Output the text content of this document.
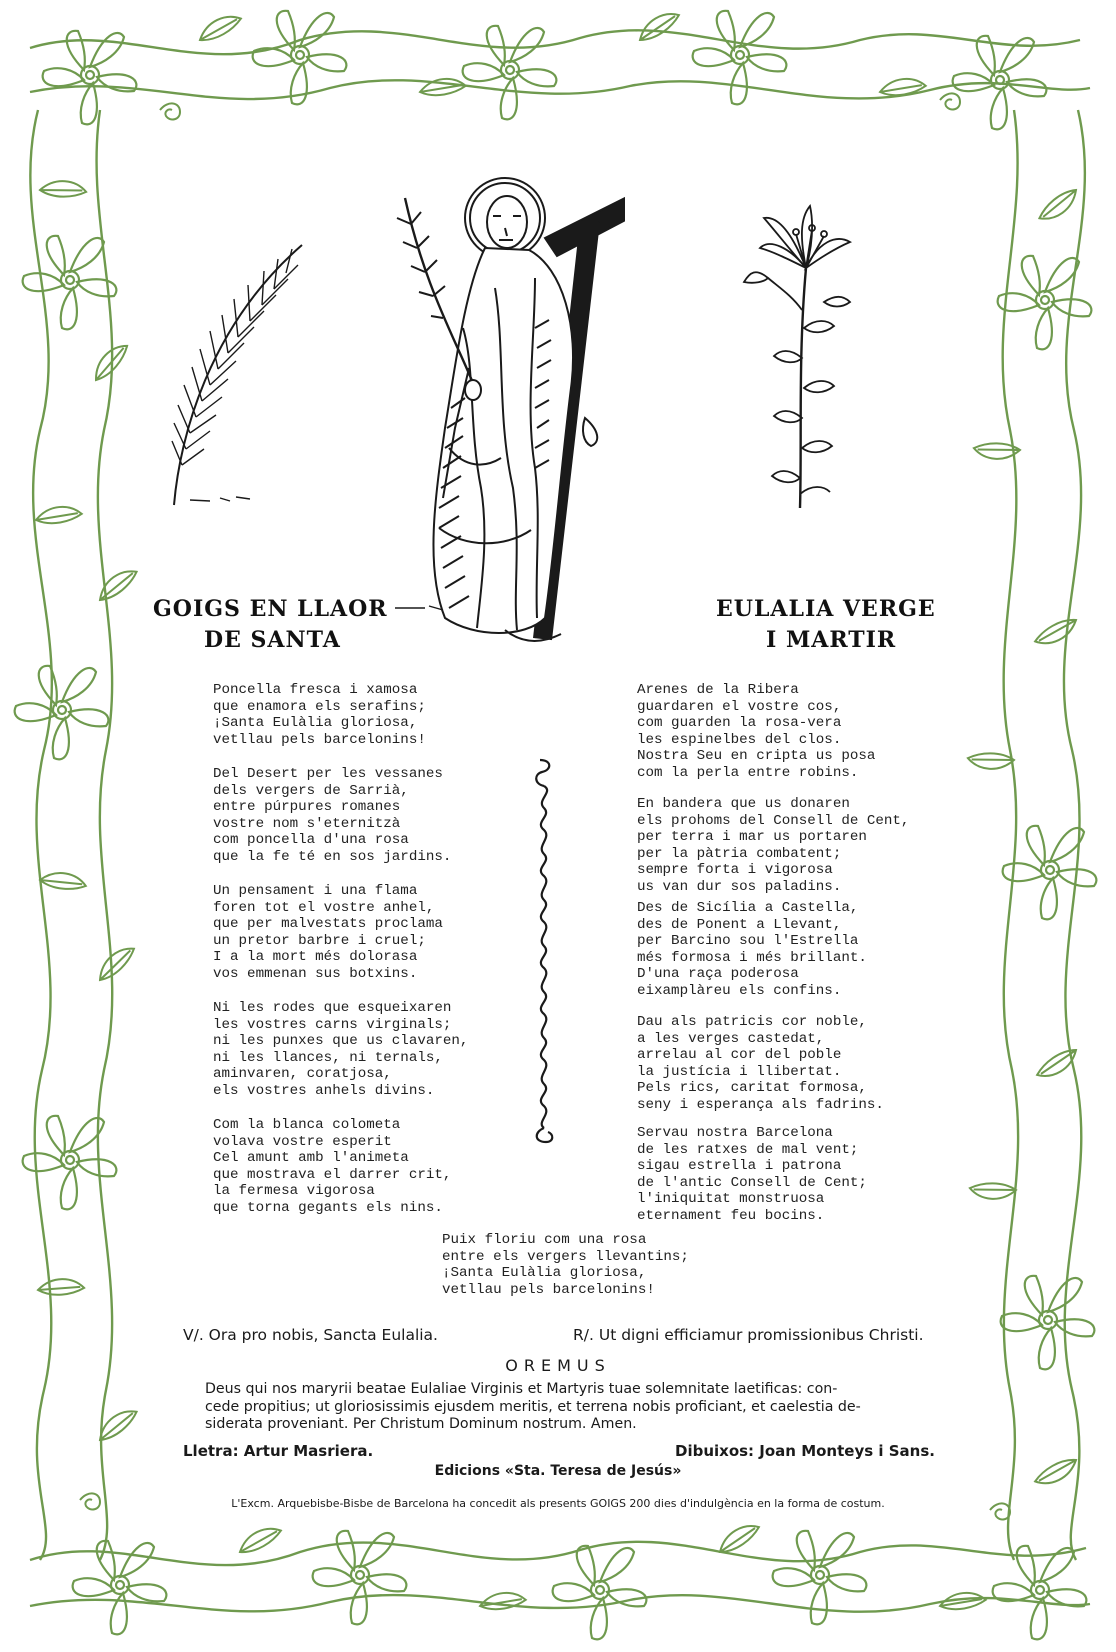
GOIGS EN LLAOR
DE SANTA
EULALIA VERGE
I MARTIR
Poncella fresca i xamosa
que enamora els serafins;
¡Santa Eulàlia gloriosa,
vetllau pels barcelonins!
Del Desert per les vessanes
dels vergers de Sarrià,
entre púrpures romanes
vostre nom s'eternitzà
com poncella d'una rosa
que la fe té en sos jardins.
Un pensament i una flama
foren tot el vostre anhel,
que per malvestats proclama
un pretor barbre i cruel;
I a la mort més dolorasa
vos emmenan sus botxins.
Ni les rodes que esqueixaren
les vostres carns virginals;
ni les punxes que us clavaren,
ni les llances, ni ternals,
aminvaren, coratjosa,
els vostres anhels divins.
Com la blanca colometa
volava vostre esperit
Cel amunt amb l'animeta
que mostrava el darrer crit,
la fermesa vigorosa
que torna gegants els nins.
Arenes de la Ribera
guardaren el vostre cos,
com guarden la rosa-vera
les espinelbes del clos.
Nostra Seu en cripta us posa
com la perla entre robins.
En bandera que us donaren
els prohoms del Consell de Cent,
per terra i mar us portaren
per la pàtria combatent;
sempre forta i vigorosa
us van dur sos paladins.
Des de Sicília a Castella,
des de Ponent a Llevant,
per Barcino sou l'Estrella
més formosa i més brillant.
D'una raça poderosa
eixamplàreu els confins.
Dau als patricis cor noble,
a les verges castedat,
arrelau al cor del poble
la justícia i llibertat.
Pels rics, caritat formosa,
seny i esperança als fadrins.
Servau nostra Barcelona
de les ratxes de mal vent;
sigau estrella i patrona
de l'antic Consell de Cent;
l'iniquitat monstruosa
eternament feu bocins.
Puix floriu com una rosa
entre els vergers llevantins;
¡Santa Eulàlia gloriosa,
vetllau pels barcelonins!
V/. Ora pro nobis, Sancta Eulalia.	R/. Ut digni efficiamur promissionibus Christi.
OREMUS
Deus qui nos maryrii beatae Eulaliae Virginis et Martyris tuae solemnitate laetificas: con-
cede propitius; ut gloriosissimis ejusdem meritis, et terrena nobis proficiant, et caelestia de-
siderata proveniant. Per Christum Dominum nostrum. Amen.
Lletra: Artur Masriera.	Dibuixos: Joan Monteys i Sans.
Edicions «Sta. Teresa de Jesús»
L'Excm. Arquebisbe-Bisbe de Barcelona ha concedit als presents GOIGS 200 dies d'indulgència en la forma de costum.
